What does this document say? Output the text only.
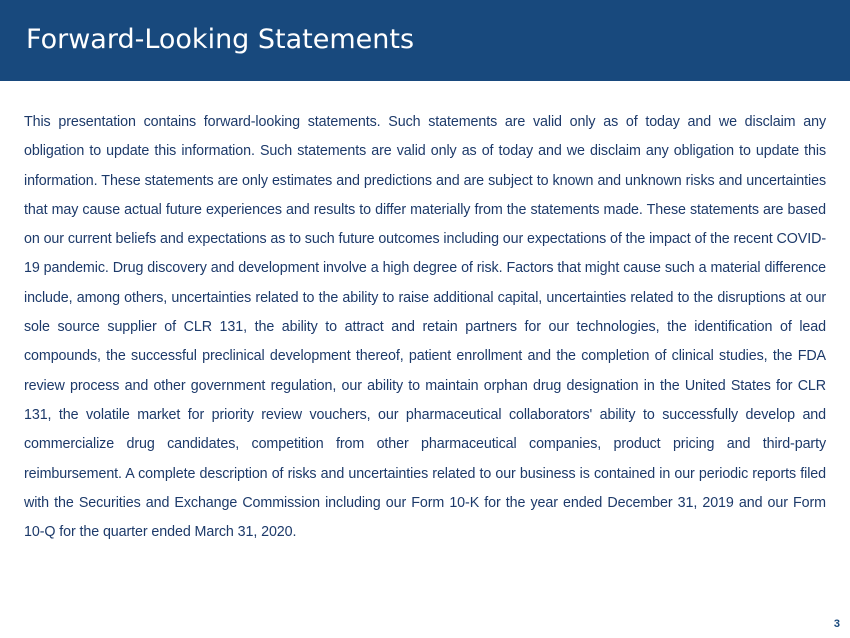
Forward-Looking Statements

This presentation contains forward-looking statements. Such statements are valid only as of today and we disclaim any obligation to update this information. Such statements are valid only as of today and we disclaim any obligation to update this information. These statements are only estimates and predictions and are subject to known and unknown risks and uncertainties that may cause actual future experiences and results to differ materially from the statements made. These statements are based on our current beliefs and expectations as to such future outcomes including our expectations of the impact of the recent COVID-19 pandemic. Drug discovery and development involve a high degree of risk. Factors that might cause such a material difference include, among others, uncertainties related to the ability to raise additional capital, uncertainties related to the disruptions at our sole source supplier of CLR 131, the ability to attract and retain partners for our technologies, the identification of lead compounds, the successful preclinical development thereof, patient enrollment and the completion of clinical studies, the FDA review process and other government regulation, our ability to maintain orphan drug designation in the United States for CLR 131, the volatile market for priority review vouchers, our pharmaceutical collaborators' ability to successfully develop and commercialize drug candidates, competition from other pharmaceutical companies, product pricing and third-party reimbursement. A complete description of risks and uncertainties related to our business is contained in our periodic reports filed with the Securities and Exchange Commission including our Form 10-K for the year ended December 31, 2019 and our Form 10-Q for the quarter ended March 31, 2020.

3
